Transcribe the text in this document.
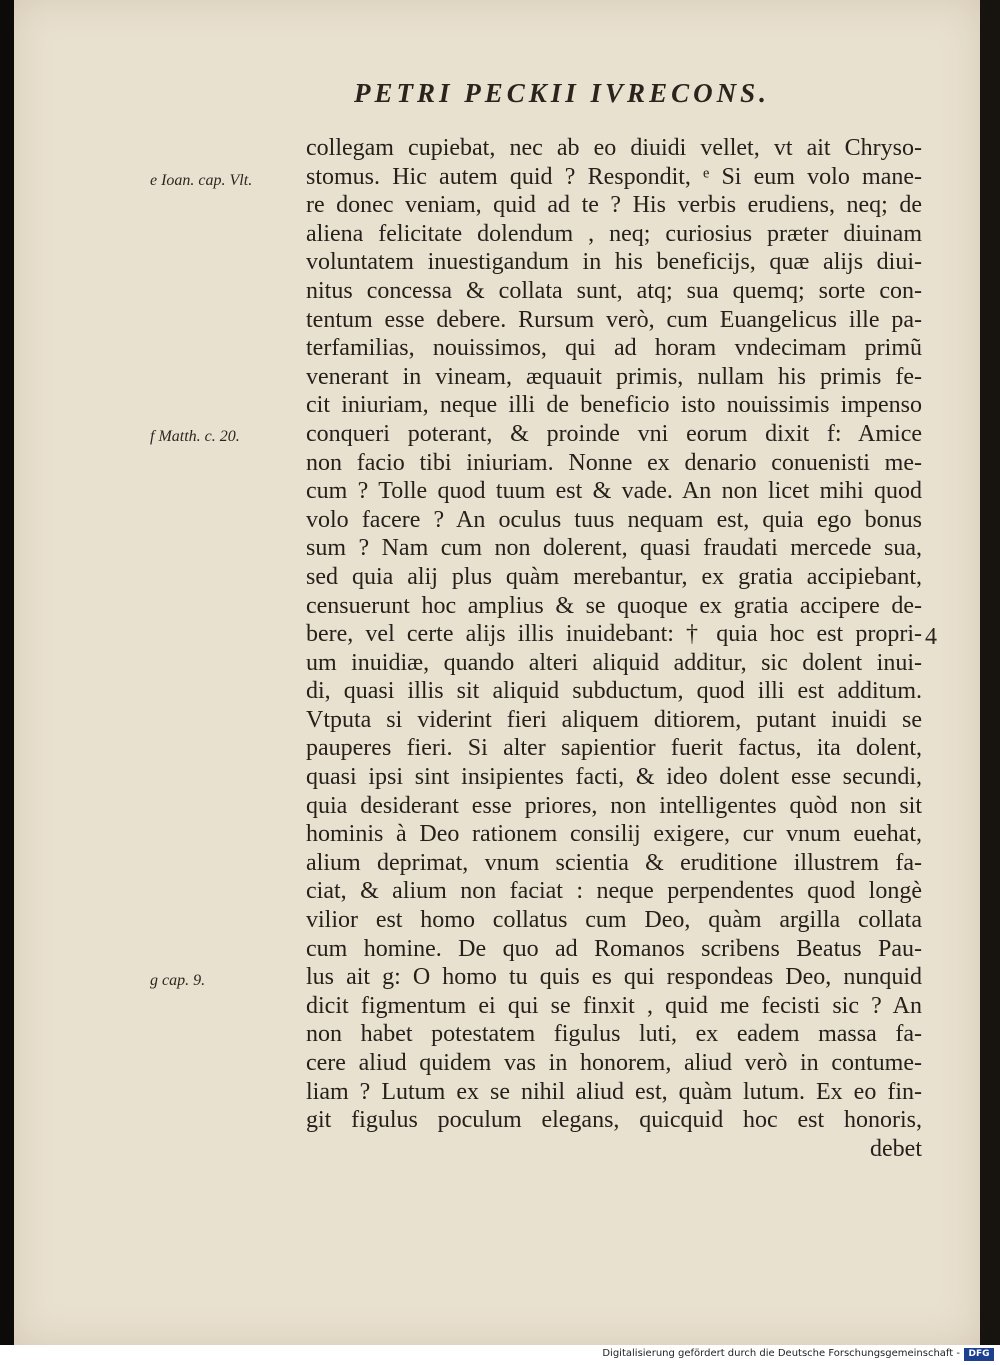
PETRI PECKII IVRECONS.
collegam cupiebat, nec ab eo diuidi vellet, vt ait Chryso-
stomus. Hic autem quid ? Respondit, ᵉ Si eum volo mane-
re donec veniam, quid ad te ? His verbis erudiens, neq; de
aliena felicitate dolendum , neq; curiosius præter diuinam
voluntatem inuestigandum in his beneficijs, quæ alijs diui-
nitus concessa & collata sunt, atq; sua quemq; sorte con-
tentum esse debere. Rursum verò, cum Euangelicus ille pa-
terfamilias, nouissimos, qui ad horam vndecimam primũ
venerant in vineam, æquauit primis, nullam his primis fe-
cit iniuriam, neque illi de beneficio isto nouissimis impenso
conqueri poterant, & proinde vni eorum dixit f: Amice
non facio tibi iniuriam. Nonne ex denario conuenisti me-
cum ? Tolle quod tuum est & vade. An non licet mihi quod
volo facere ? An oculus tuus nequam est, quia ego bonus
sum ? Nam cum non dolerent, quasi fraudati mercede sua,
sed quia alij plus quàm merebantur, ex gratia accipiebant,
censuerunt hoc amplius & se quoque ex gratia accipere de-
bere, vel certe alijs illis inuidebant: † quia hoc est propri-
um inuidiæ, quando alteri aliquid additur, sic dolent inui-
di, quasi illis sit aliquid subductum, quod illi est additum.
Vtputa si viderint fieri aliquem ditiorem, putant inuidi se
pauperes fieri. Si alter sapientior fuerit factus, ita dolent,
quasi ipsi sint insipientes facti, & ideo dolent esse secundi,
quia desiderant esse priores, non intelligentes quòd non sit
hominis à Deo rationem consilij exigere, cur vnum euehat,
alium deprimat, vnum scientia & eruditione illustrem fa-
ciat, & alium non faciat : neque perpendentes quod longè
vilior est homo collatus cum Deo, quàm argilla collata
cum homine. De quo ad Romanos scribens Beatus Pau-
lus ait g: O homo tu quis es qui respondeas Deo, nunquid
dicit figmentum ei qui se finxit , quid me fecisti sic ? An
non habet potestatem figulus luti, ex eadem massa fa-
cere aliud quidem vas in honorem, aliud verò in contume-
liam ? Lutum ex se nihil aliud est, quàm lutum. Ex eo fin-
git figulus poculum elegans, quicquid hoc est honoris,
debet
e Ioan. cap. Vlt.
f Matth. c. 20.
g cap. 9.
4
Digitalisierung gefördert durch die Deutsche Forschungsgemeinschaft - DFG
